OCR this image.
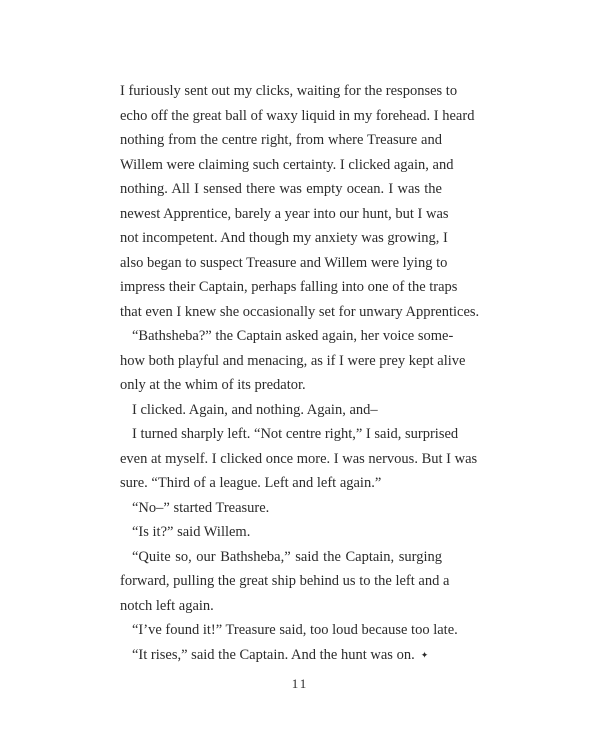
I furiously sent out my clicks, waiting for the responses to
echo off the great ball of waxy liquid in my forehead. I heard
nothing from the centre right, from where Treasure and
Willem were claiming such certainty. I clicked again, and
nothing. All I sensed there was empty ocean. I was the
newest Apprentice, barely a year into our hunt, but I was
not incompetent. And though my anxiety was growing, I
also began to suspect Treasure and Willem were lying to
impress their Captain, perhaps falling into one of the traps
that even I knew she occasionally set for unwary Apprentices.
“Bathsheba?” the Captain asked again, her voice some-
how both playful and menacing, as if I were prey kept alive
only at the whim of its predator.
I clicked. Again, and nothing. Again, and–
I turned sharply left. “Not centre right,” I said, surprised
even at myself. I clicked once more. I was nervous. But I was
sure. “Third of a league. Left and left again.”
“No–” started Treasure.
“Is it?” said Willem.
“Quite so, our Bathsheba,” said the Captain, surging
forward, pulling the great ship behind us to the left and a
notch left again.
“I’ve found it!” Treasure said, too loud because too late.
“It rises,” said the Captain. And the hunt was on. ✦
11
